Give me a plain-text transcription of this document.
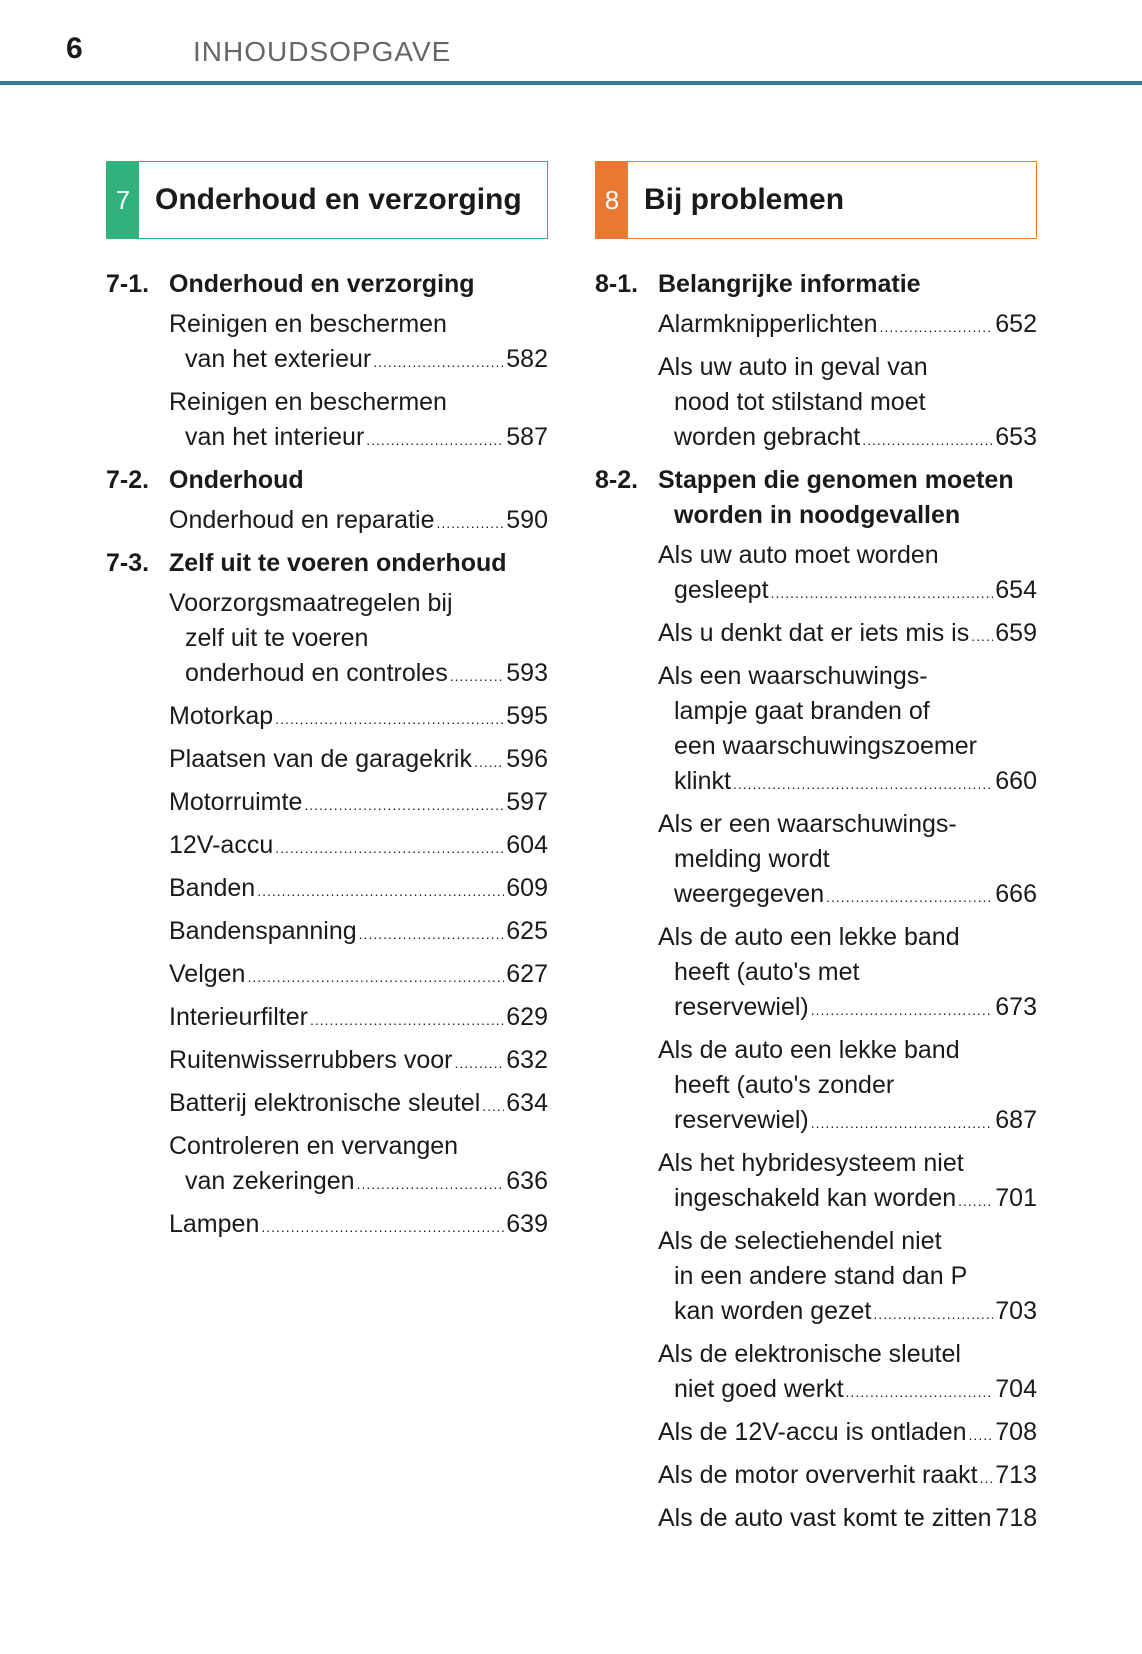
6	INHOUDSOPGAVE
7 Onderhoud en verzorging
7-1. Onderhoud en verzorging
Reinigen en beschermen
van het exterieur .....	582
Reinigen en beschermen
van het interieur .....	587
7-2. Onderhoud
Onderhoud en reparatie .....	590
7-3. Zelf uit te voeren onderhoud
Voorzorgsmaatregelen bij
zelf uit te voeren
onderhoud en controles ..... 593
Motorkap .....	595
Plaatsen van de garagekrik ..... 596
Motorruimte .....	597
12V-accu .....	604
Banden .....	609
Bandenspanning .....	625
Velgen .....	627
Interieurfilter .....	629
Ruitenwisserrubbers voor ..... 632
Batterij elektronische sleutel ..... 634
Controleren en vervangen
van zekeringen .....	636
Lampen .....	639
8 Bij problemen
8-1. Belangrijke informatie
Alarmknipperlichten .....	652
Als uw auto in geval van
nood tot stilstand moet
worden gebracht .....	653
8-2. Stappen die genomen moeten
worden in noodgevallen
Als uw auto moet worden
gesleept .....	654
Als u denkt dat er iets mis is ..... 659
Als een waarschuwings-
lampje gaat branden of
een waarschuwingszoemer
klinkt .....	660
Als er een waarschuwings-
melding wordt
weergegeven .....	666
Als de auto een lekke band
heeft (auto's met
reservewiel) .....	673
Als de auto een lekke band
heeft (auto's zonder
reservewiel) .....	687
Als het hybridesysteem niet
ingeschakeld kan worden ..... 701
Als de selectiehendel niet
in een andere stand dan P
kan worden gezet .....	703
Als de elektronische sleutel
niet goed werkt .....	704
Als de 12V-accu is ontladen ..... 708
Als de motor oververhit raakt ..... 713
Als de auto vast komt te zitten 718
